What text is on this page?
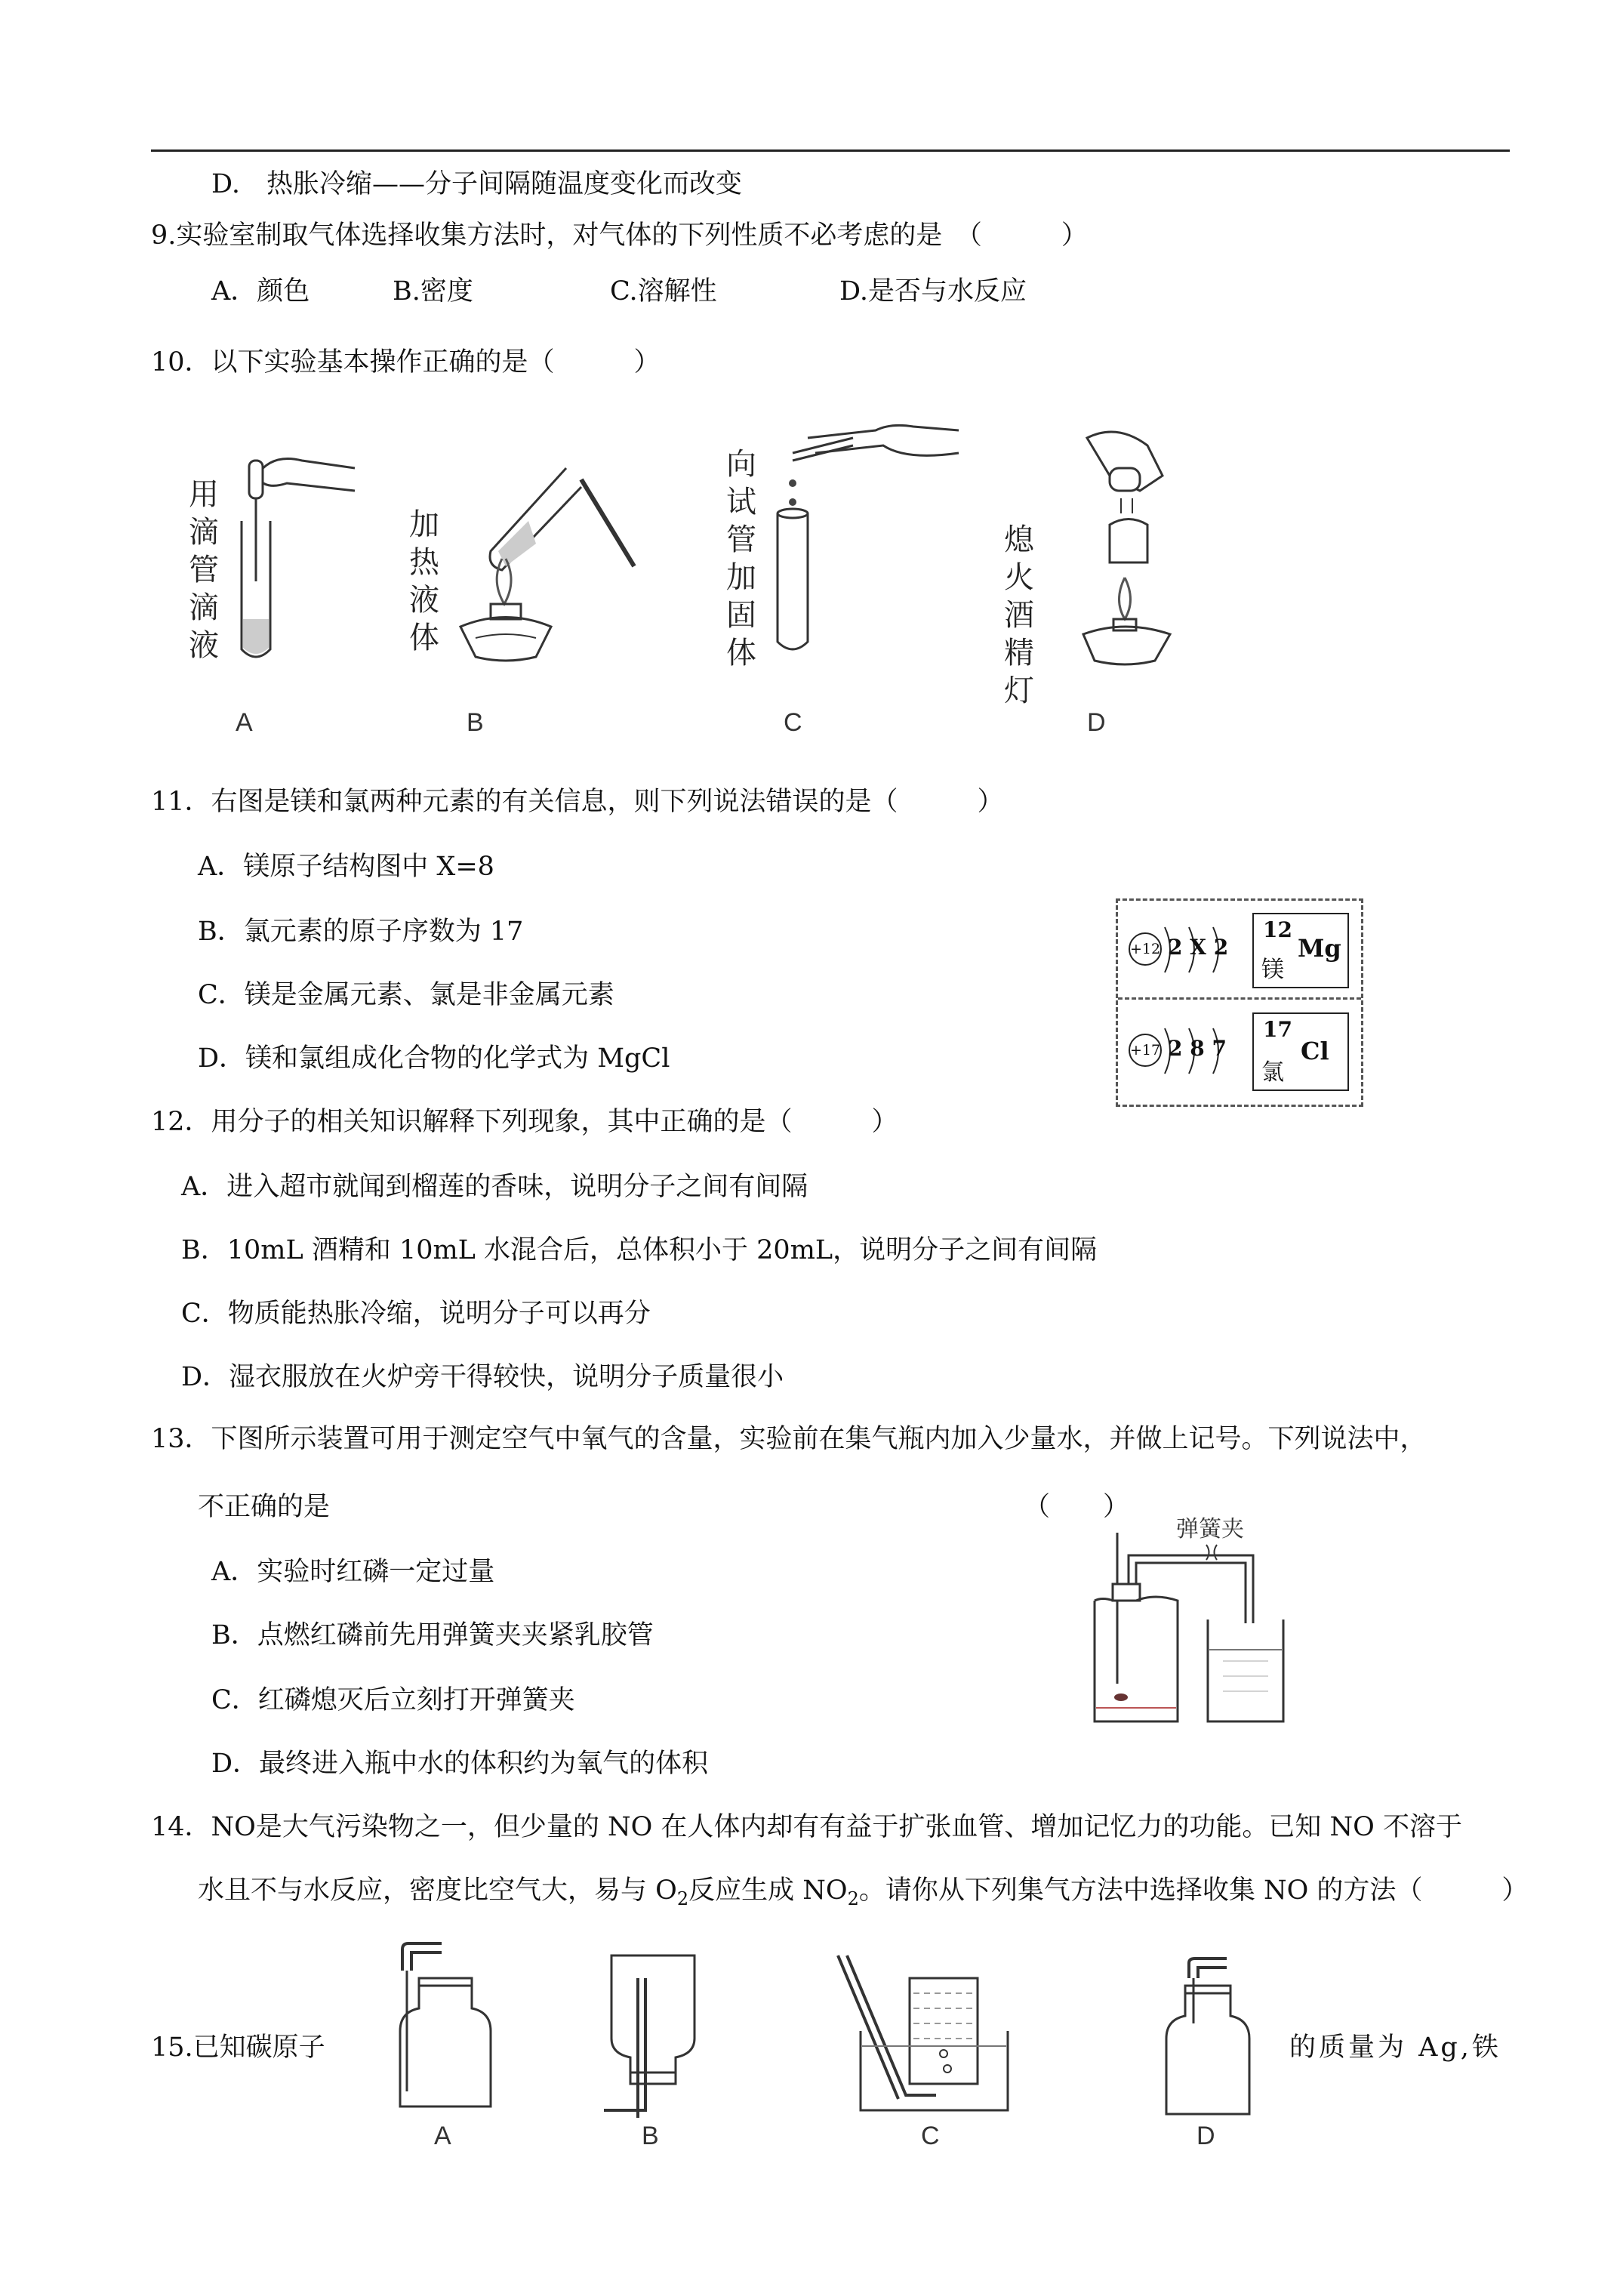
D.　热胀冷缩——分子间隔随温度变化而改变
9.实验室制取气体选择收集方法时，对气体的下列性质不必考虑的是　（　　　）
A．颜色	B.密度	C.溶解性	D.是否与水反应
10．以下实验基本操作正确的是（　　　）
用滴管滴液
A
加热液体
B
向试管加固体
C
熄火酒精灯
D
11．右图是镁和氯两种元素的有关信息，则下列说法错误的是（　　　）
A．镁原子结构图中 X=8
B．氯元素的原子序数为 17
C．镁是金属元素、氯是非金属元素
D．镁和氯组成化合物的化学式为 MgCl
+12 2 X 2
12
镁
Mg
+17 2 8 7
17
氯
Cl
12．用分子的相关知识解释下列现象，其中正确的是（　　　）
A．进入超市就闻到榴莲的香味，说明分子之间有间隔
B．10mL 酒精和 10mL 水混合后，总体积小于 20mL，说明分子之间有间隔
C．物质能热胀冷缩，说明分子可以再分
D．湿衣服放在火炉旁干得较快，说明分子质量很小
13．下图所示装置可用于测定空气中氧气的含量，实验前在集气瓶内加入少量水，并做上记号。下列说法中，
不正确的是	（　　）
A．实验时红磷一定过量
B．点燃红磷前先用弹簧夹夹紧乳胶管
C．红磷熄灭后立刻打开弹簧夹
D．最终进入瓶中水的体积约为氧气的体积
弹簧夹
14．NO是大气污染物之一，但少量的 NO 在人体内却有有益于扩张血管、增加记忆力的功能。已知 NO 不溶于
水且不与水反应，密度比空气大，易与 $O_2$反应生成 $NO_2$。请你从下列集气方法中选择收集 NO 的方法（　　　）
A	B	C	D
15.已知碳原子	的质量为 Ag,铁
